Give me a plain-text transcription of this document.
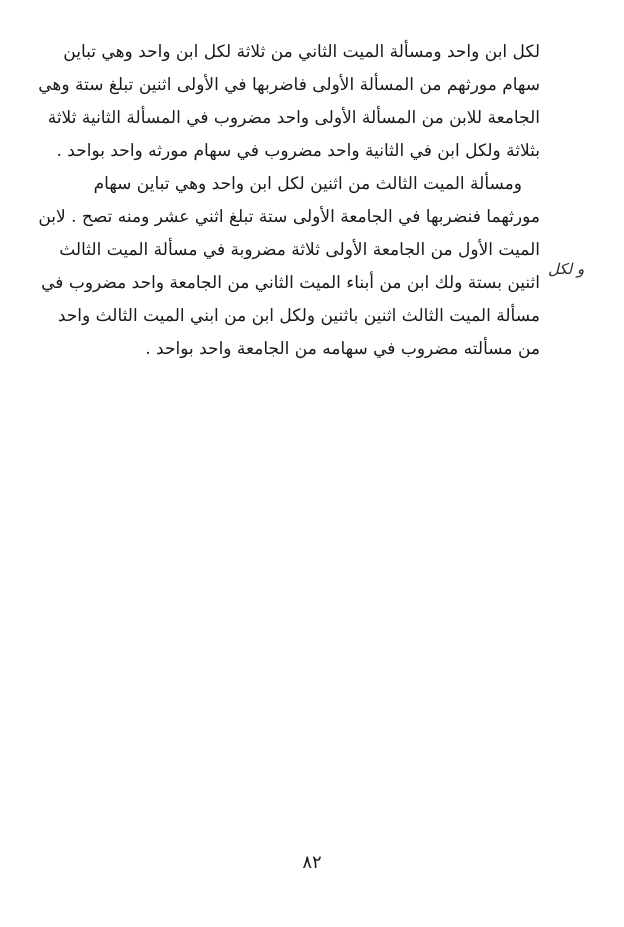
لكل ابن واحد ومسألة الميت الثاني من ثلاثة لكل ابن واحد وهي تباين
سهام مورثهم من المسألة الأولى فاضربها في الأولى اثنين تبلغ ستة وهي
الجامعة للابن من المسألة الأولى واحد مضروب في المسألة الثانية ثلاثة
بثلاثة ولكل ابن في الثانية واحد مضروب في سهام مورثه واحد بواحد .
ومسألة الميت الثالث من اثنين لكل ابن واحد وهي تباين سهام
مورثهما فنضربها في الجامعة الأولى ستة تبلغ اثني عشر ومنه تصح . لابن
الميت الأول من الجامعة الأولى ثلاثة مضروبة في مسألة الميت الثالث
اثنين بستة ولك ابن من أبناء الميت الثاني من الجامعة واحد مضروب في
مسألة الميت الثالث اثنين باثنين ولكل ابن من ابني الميت الثالث واحد
من مسألته مضروب في سهامه من الجامعة واحد بواحد .
و لكل
٨٢
